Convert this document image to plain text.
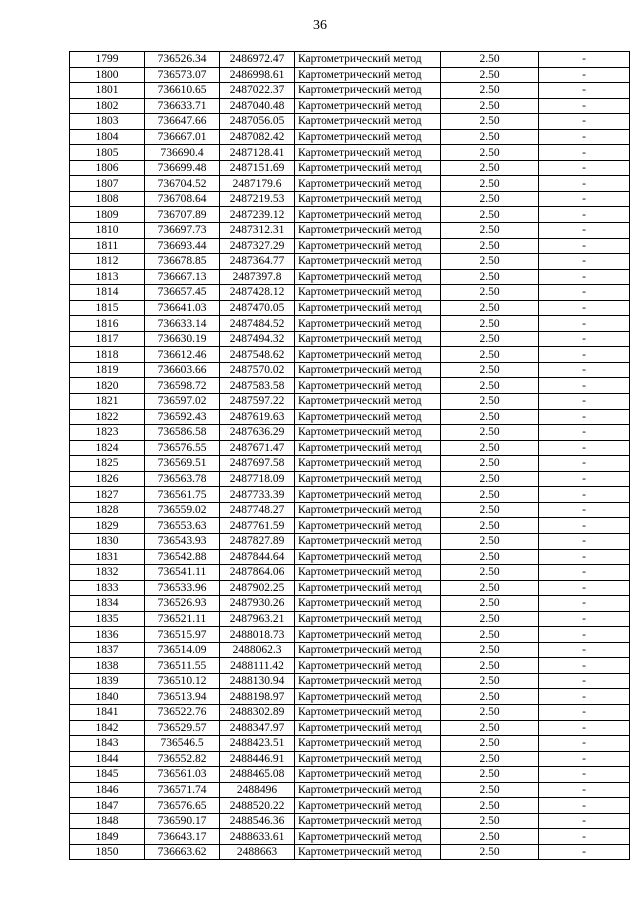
36
1799	736526.34	2486972.47	Картометрический метод	2.50	-
1800	736573.07	2486998.61	Картометрический метод	2.50	-
1801	736610.65	2487022.37	Картометрический метод	2.50	-
1802	736633.71	2487040.48	Картометрический метод	2.50	-
1803	736647.66	2487056.05	Картометрический метод	2.50	-
1804	736667.01	2487082.42	Картометрический метод	2.50	-
1805	736690.4	2487128.41	Картометрический метод	2.50	-
1806	736699.48	2487151.69	Картометрический метод	2.50	-
1807	736704.52	2487179.6	Картометрический метод	2.50	-
1808	736708.64	2487219.53	Картометрический метод	2.50	-
1809	736707.89	2487239.12	Картометрический метод	2.50	-
1810	736697.73	2487312.31	Картометрический метод	2.50	-
1811	736693.44	2487327.29	Картометрический метод	2.50	-
1812	736678.85	2487364.77	Картометрический метод	2.50	-
1813	736667.13	2487397.8	Картометрический метод	2.50	-
1814	736657.45	2487428.12	Картометрический метод	2.50	-
1815	736641.03	2487470.05	Картометрический метод	2.50	-
1816	736633.14	2487484.52	Картометрический метод	2.50	-
1817	736630.19	2487494.32	Картометрический метод	2.50	-
1818	736612.46	2487548.62	Картометрический метод	2.50	-
1819	736603.66	2487570.02	Картометрический метод	2.50	-
1820	736598.72	2487583.58	Картометрический метод	2.50	-
1821	736597.02	2487597.22	Картометрический метод	2.50	-
1822	736592.43	2487619.63	Картометрический метод	2.50	-
1823	736586.58	2487636.29	Картометрический метод	2.50	-
1824	736576.55	2487671.47	Картометрический метод	2.50	-
1825	736569.51	2487697.58	Картометрический метод	2.50	-
1826	736563.78	2487718.09	Картометрический метод	2.50	-
1827	736561.75	2487733.39	Картометрический метод	2.50	-
1828	736559.02	2487748.27	Картометрический метод	2.50	-
1829	736553.63	2487761.59	Картометрический метод	2.50	-
1830	736543.93	2487827.89	Картометрический метод	2.50	-
1831	736542.88	2487844.64	Картометрический метод	2.50	-
1832	736541.11	2487864.06	Картометрический метод	2.50	-
1833	736533.96	2487902.25	Картометрический метод	2.50	-
1834	736526.93	2487930.26	Картометрический метод	2.50	-
1835	736521.11	2487963.21	Картометрический метод	2.50	-
1836	736515.97	2488018.73	Картометрический метод	2.50	-
1837	736514.09	2488062.3	Картометрический метод	2.50	-
1838	736511.55	2488111.42	Картометрический метод	2.50	-
1839	736510.12	2488130.94	Картометрический метод	2.50	-
1840	736513.94	2488198.97	Картометрический метод	2.50	-
1841	736522.76	2488302.89	Картометрический метод	2.50	-
1842	736529.57	2488347.97	Картометрический метод	2.50	-
1843	736546.5	2488423.51	Картометрический метод	2.50	-
1844	736552.82	2488446.91	Картометрический метод	2.50	-
1845	736561.03	2488465.08	Картометрический метод	2.50	-
1846	736571.74	2488496	Картометрический метод	2.50	-
1847	736576.65	2488520.22	Картометрический метод	2.50	-
1848	736590.17	2488546.36	Картометрический метод	2.50	-
1849	736643.17	2488633.61	Картометрический метод	2.50	-
1850	736663.62	2488663	Картометрический метод	2.50	-
